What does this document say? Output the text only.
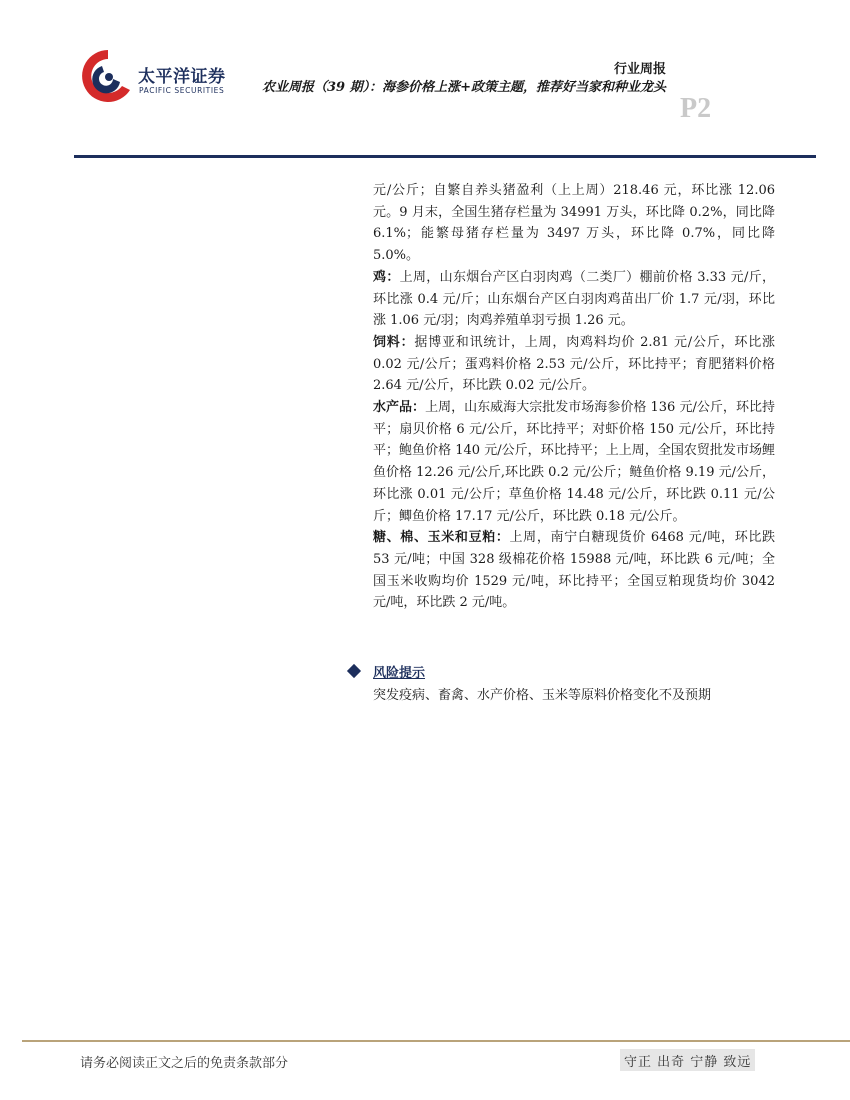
太平洋证券
PACIFIC SECURITIES
行业周报
农业周报（39 期）：海参价格上涨+政策主题，推荐好当家和种业龙头
P2

元/公斤；自繁自养头猪盈利（上上周）218.46 元，环比涨 12.06 元。9 月末，全国生猪存栏量为 34991 万头，环比降 0.2%，同比降 6.1%；能繁母猪存栏量为 3497 万头，环比降 0.7%，同比降 5.0%。

鸡：上周，山东烟台产区白羽肉鸡（二类厂）棚前价格 3.33 元/斤，环比涨 0.4 元/斤；山东烟台产区白羽肉鸡苗出厂价 1.7 元/羽，环比涨 1.06 元/羽；肉鸡养殖单羽亏损 1.26 元。

饲料：据博亚和讯统计，上周，肉鸡料均价 2.81 元/公斤，环比涨 0.02 元/公斤；蛋鸡料价格 2.53 元/公斤，环比持平；育肥猪料价格 2.64 元/公斤，环比跌 0.02 元/公斤。

水产品：上周，山东威海大宗批发市场海参价格 136 元/公斤，环比持平；扇贝价格 6 元/公斤，环比持平；对虾价格 150 元/公斤，环比持平；鲍鱼价格 140 元/公斤，环比持平；上上周，全国农贸批发市场鲤鱼价格 12.26 元/公斤,环比跌 0.2 元/公斤；鲢鱼价格 9.19 元/公斤，环比涨 0.01 元/公斤；草鱼价格 14.48 元/公斤，环比跌 0.11 元/公斤；鲫鱼价格 17.17 元/公斤，环比跌 0.18 元/公斤。

糖、棉、玉米和豆粕：上周，南宁白糖现货价 6468 元/吨，环比跌 53 元/吨；中国 328 级棉花价格 15988 元/吨，环比跌 6 元/吨；全国玉米收购均价 1529 元/吨，环比持平；全国豆粕现货均价 3042 元/吨，环比跌 2 元/吨。

风险提示
突发疫病、畜禽、水产价格、玉米等原料价格变化不及预期
请务必阅读正文之后的免责条款部分	守正 出奇 宁静 致远
